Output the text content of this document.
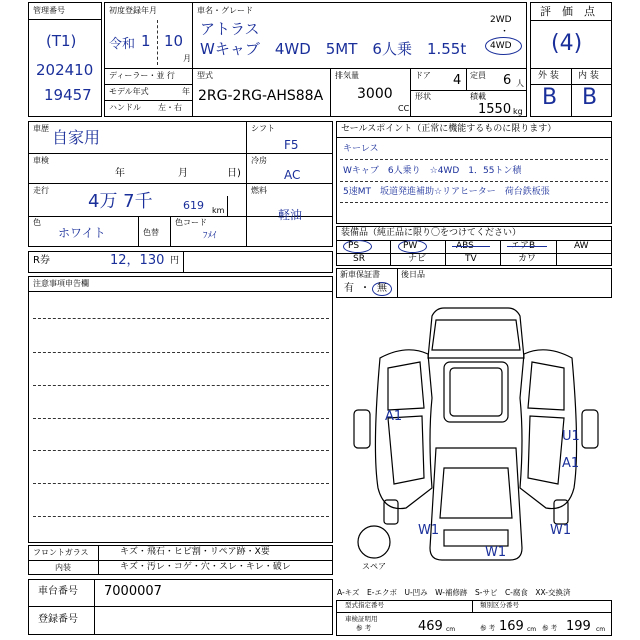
管理番号
(T1)
202410
19457
初度登録年月
令和 1 10
月
車名・グレード
アトラス
Wキャブ　4WD　5MT　6人乗　1.55t
2WD
・
4WD
ディーラー・並 行
モデル年式	年
ハンドル 左・右
型式
2RG-2RG-AHS88A
排気量
3000
CC
ドア 4 定員 6 人
形状	積載
1550 kg
評　価　点
(4)
外 装 内 装
B B
車歴 自家用
車検
年	月	日)
走行
4万 7千	619 km
色
ホワイト	色替
色コード
ﾌﾒｲ
シフト
F5
冷房
AC
燃料
軽油
セールスポイント（正常に機能するものに限ります）
キーレス
Wキャブ　6人乗り　☆4WD　1．55トン積
5速MT　坂道発進補助☆リアヒーター　荷台鉄板張
装備品（純正品に限り〇をつけてください）
PS	PW	ABS	エアB	AW
SR	ナビ	TV	カワ
新車保証書
有 ・ 無
後日品
R券	12，130 円
注意事項申告欄
A1
U1
A1
W1	W1
W1
スペア
フロントガラス	キズ・飛石・ヒビ割・リペア跡・X要
内装	キズ・汚レ・コゲ・穴・スレ・キレ・破レ
車台番号 7000007
登録番号
A-キズ　E-エクボ　U-凹み　W-補修跡　S-サビ　C-腐食　XX-交換済
型式指定番号	類別区分番号
車検証明用
参 考	469 cm	参 考 169 cm 参 考 199 cm
